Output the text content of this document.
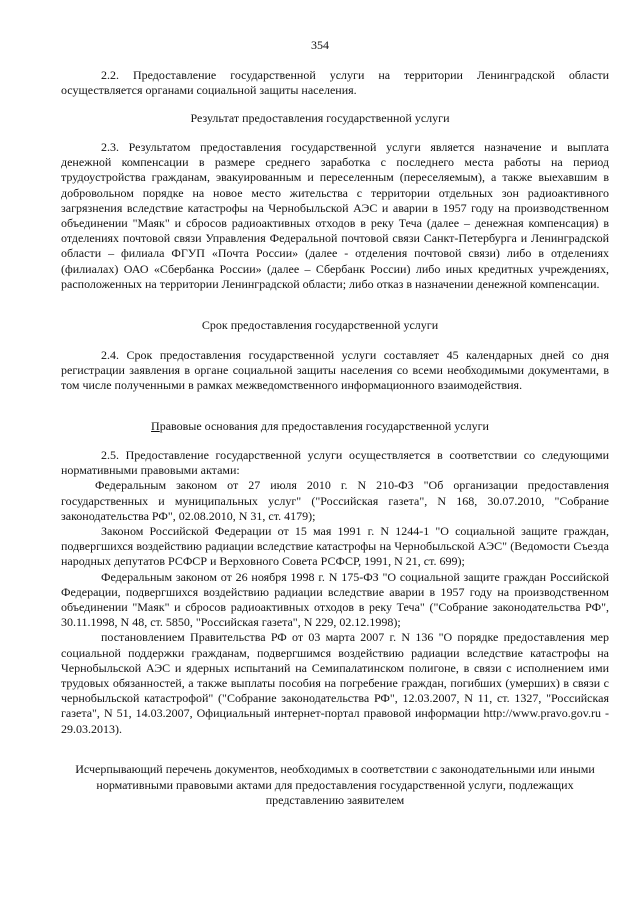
354

2.2. Предоставление государственной услуги на территории Ленинградской области осуществляется органами социальной защиты населения.

Результат предоставления государственной услуги

2.3. Результатом предоставления государственной услуги является назначение и выплата денежной компенсации в размере среднего заработка с последнего места работы на период трудоустройства гражданам, эвакуированным и переселенным (переселяемым), а также выехавшим в добровольном порядке на новое место жительства с территории отдельных зон радиоактивного загрязнения вследствие катастрофы на Чернобыльской АЭС и аварии в 1957 году на производственном объединении "Маяк" и сбросов радиоактивных отходов в реку Теча (далее – денежная компенсация) в отделениях почтовой связи Управления Федеральной почтовой связи Санкт-Петербурга и Ленинградской области – филиала ФГУП «Почта России» (далее - отделения почтовой связи) либо в отделениях (филиалах) ОАО «Сбербанка России» (далее – Сбербанк России) либо иных кредитных учреждениях, расположенных на территории Ленинградской области; либо отказ в назначении денежной компенсации.

Срок предоставления государственной услуги

2.4. Срок предоставления государственной услуги составляет 45 календарных дней со дня регистрации заявления в органе социальной защиты населения со всеми необходимыми документами, в том числе полученными в рамках межведомственного информационного взаимодействия.

Правовые основания для предоставления государственной услуги

2.5. Предоставление государственной услуги осуществляется в соответствии со следующими нормативными правовыми актами:

Федеральным законом от 27 июля 2010 г. N 210-ФЗ "Об организации предоставления государственных и муниципальных услуг" ("Российская газета", N 168, 30.07.2010, "Собрание законодательства РФ", 02.08.2010, N 31, ст. 4179);

Законом Российской Федерации от 15 мая 1991 г. N 1244-1 "О социальной защите граждан, подвергшихся воздействию радиации вследствие катастрофы на Чернобыльской АЭС" (Ведомости Съезда народных депутатов РСФСР и Верховного Совета РСФСР, 1991, N 21, ст. 699);

Федеральным законом от 26 ноября 1998 г. N 175-ФЗ "О социальной защите граждан Российской Федерации, подвергшихся воздействию радиации вследствие аварии в 1957 году на производственном объединении "Маяк" и сбросов радиоактивных отходов в реку Теча" ("Собрание законодательства РФ", 30.11.1998, N 48, ст. 5850, "Российская газета", N 229, 02.12.1998);

постановлением Правительства РФ от 03 марта 2007 г. N 136 "О порядке предоставления мер социальной поддержки гражданам, подвергшимся воздействию радиации вследствие катастрофы на Чернобыльской АЭС и ядерных испытаний на Семипалатинском полигоне, в связи с исполнением ими трудовых обязанностей, а также выплаты пособия на погребение граждан, погибших (умерших) в связи с чернобыльской катастрофой" ("Собрание законодательства РФ", 12.03.2007, N 11, ст. 1327, "Российская газета", N 51, 14.03.2007, Официальный интернет-портал правовой информации http://www.pravo.gov.ru - 29.03.2013).

Исчерпывающий перечень документов, необходимых в соответствии с законодательными или иными нормативными правовыми актами для предоставления государственной услуги, подлежащих представлению заявителем
